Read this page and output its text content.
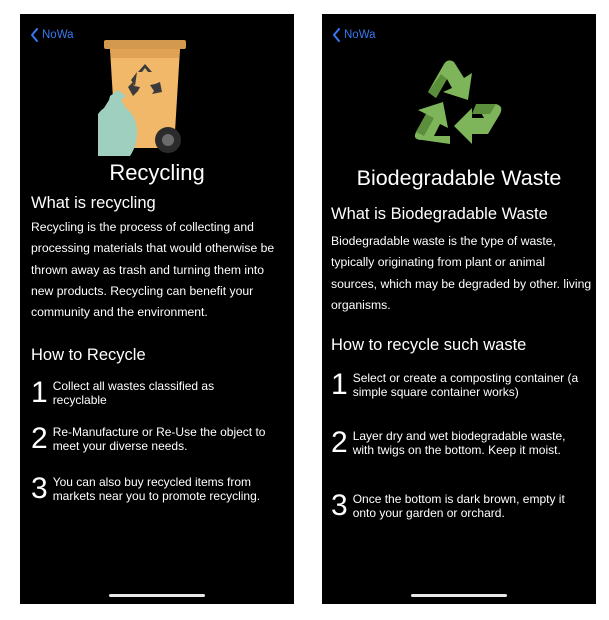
NoWa
Recycling
What is recycling
Recycling is the process of collecting and processing materials that would otherwise be thrown away as trash and turning them into new products. Recycling can benefit your community and the environment.
How to Recycle
1 Collect all wastes classified as recyclable
2 Re-Manufacture or Re-Use the object to meet your diverse needs.
3 You can also buy recycled items from markets near you to promote recycling.
NoWa
Biodegradable Waste
What is Biodegradable Waste
Biodegradable waste is the type of waste, typically originating from plant or animal sources, which may be degraded by other. living organisms.
How to recycle such waste
1 Select or create a composting container (a simple square container works)
2 Layer dry and wet biodegradable waste, with twigs on the bottom. Keep it moist.
3 Once the bottom is dark brown, empty it onto your garden or orchard.
